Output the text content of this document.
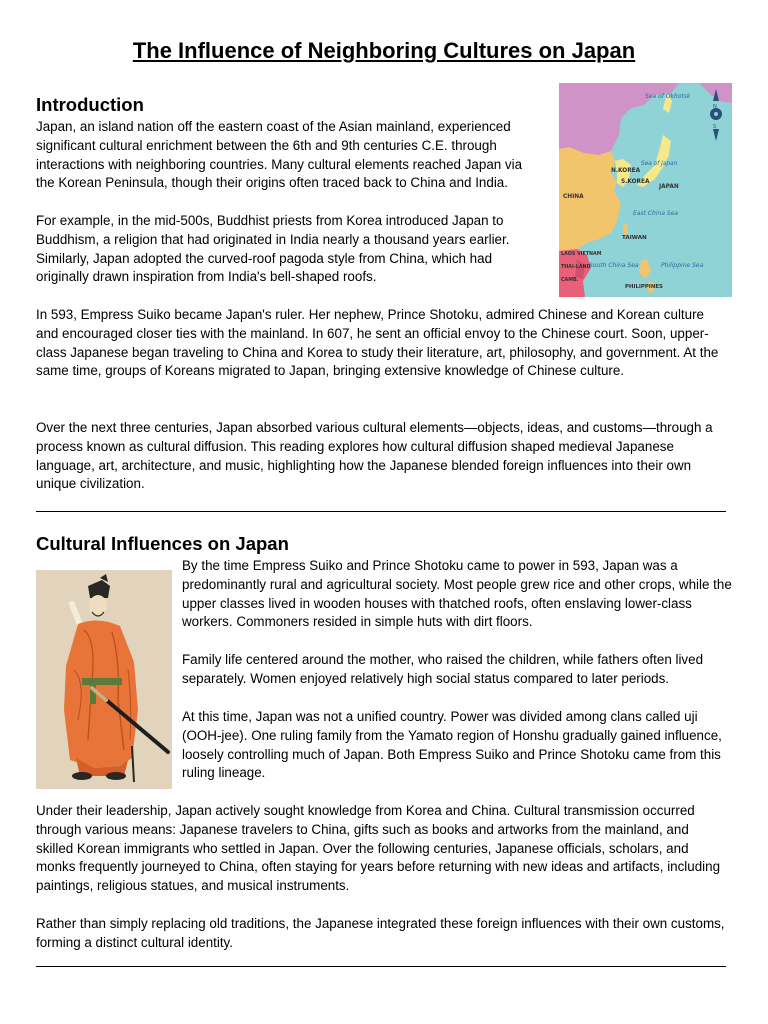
The Influence of Neighboring Cultures on Japan
Introduction

Japan, an island nation off the eastern coast of the Asian mainland, experienced significant cultural enrichment between the 6th and 9th centuries C.E. through interactions with neighboring countries. Many cultural elements reached Japan via the Korean Peninsula, though their origins often traced back to China and India.

For example, in the mid-500s, Buddhist priests from Korea introduced Japan to Buddhism, a religion that had originated in India nearly a thousand years earlier. Similarly, Japan adopted the curved-roof pagoda style from China, which had originally drawn inspiration from India's bell-shaped roofs.

In 593, Empress Suiko became Japan's ruler. Her nephew, Prince Shotoku, admired Chinese and Korean culture and encouraged closer ties with the mainland. In 607, he sent an official envoy to the Chinese court. Soon, upper-class Japanese began traveling to China and Korea to study their literature, art, philosophy, and government. At the same time, groups of Koreans migrated to Japan, bringing extensive knowledge of Chinese culture.

Over the next three centuries, Japan absorbed various cultural elements—objects, ideas, and customs—through a process known as cultural diffusion. This reading explores how cultural diffusion shaped medieval Japanese language, art, architecture, and music, highlighting how the Japanese blended foreign influences into their own unique civilization.

Sea of Okhotsk
N.KOREA
S.KOREA
Sea of Japan
JAPAN
CHINA
East China Sea
TAIWAN
South China Sea	Philippine Sea
PHILIPPINES
LAOS VIETNAM
THAI-LAND
CAMB.
N
S
Cultural Influences on Japan

By the time Empress Suiko and Prince Shotoku came to power in 593, Japan was a predominantly rural and agricultural society. Most people grew rice and other crops, while the upper classes lived in wooden houses with thatched roofs, often enslaving lower-class workers. Commoners resided in simple huts with dirt floors.

Family life centered around the mother, who raised the children, while fathers often lived separately. Women enjoyed relatively high social status compared to later periods.

At this time, Japan was not a unified country. Power was divided among clans called uji (OOH-jee). One ruling family from the Yamato region of Honshu gradually gained influence, loosely controlling much of Japan. Both Empress Suiko and Prince Shotoku came from this ruling lineage.

Under their leadership, Japan actively sought knowledge from Korea and China. Cultural transmission occurred through various means: Japanese travelers to China, gifts such as books and artworks from the mainland, and skilled Korean immigrants who settled in Japan. Over the following centuries, Japanese officials, scholars, and monks frequently journeyed to China, often staying for years before returning with new ideas and artifacts, including paintings, religious statues, and musical instruments.

Rather than simply replacing old traditions, the Japanese integrated these foreign influences with their own customs, forming a distinct cultural identity.
